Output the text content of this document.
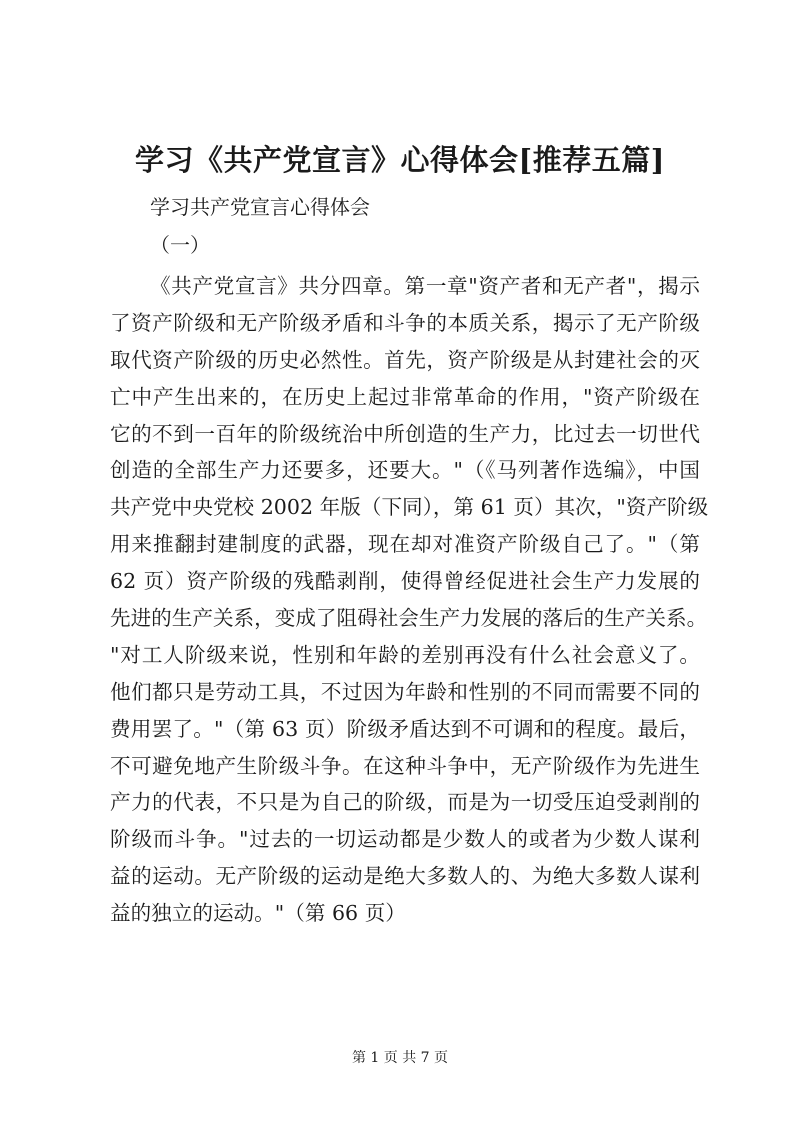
学习《共产党宣言》心得体会[推荐五篇]

学习共产党宣言心得体会

（一）

《共产党宣言》共分四章。第一章"资产者和无产者"，揭示
了资产阶级和无产阶级矛盾和斗争的本质关系，揭示了无产阶级
取代资产阶级的历史必然性。首先，资产阶级是从封建社会的灭
亡中产生出来的，在历史上起过非常革命的作用，"资产阶级在
它的不到一百年的阶级统治中所创造的生产力，比过去一切世代
创造的全部生产力还要多，还要大。"（《马列著作选编》，中国
共产党中央党校 2002 年版（下同），第 61 页）其次，"资产阶级
用来推翻封建制度的武器，现在却对准资产阶级自己了。"（第
62 页）资产阶级的残酷剥削，使得曾经促进社会生产力发展的
先进的生产关系，变成了阻碍社会生产力发展的落后的生产关系。
"对工人阶级来说，性别和年龄的差别再没有什么社会意义了。
他们都只是劳动工具，不过因为年龄和性别的不同而需要不同的
费用罢了。"（第 63 页）阶级矛盾达到不可调和的程度。最后，
不可避免地产生阶级斗争。在这种斗争中，无产阶级作为先进生
产力的代表，不只是为自己的阶级，而是为一切受压迫受剥削的
阶级而斗争。"过去的一切运动都是少数人的或者为少数人谋利
益的运动。无产阶级的运动是绝大多数人的、为绝大多数人谋利
益的独立的运动。"（第 66 页）

第 1 页 共 7 页
